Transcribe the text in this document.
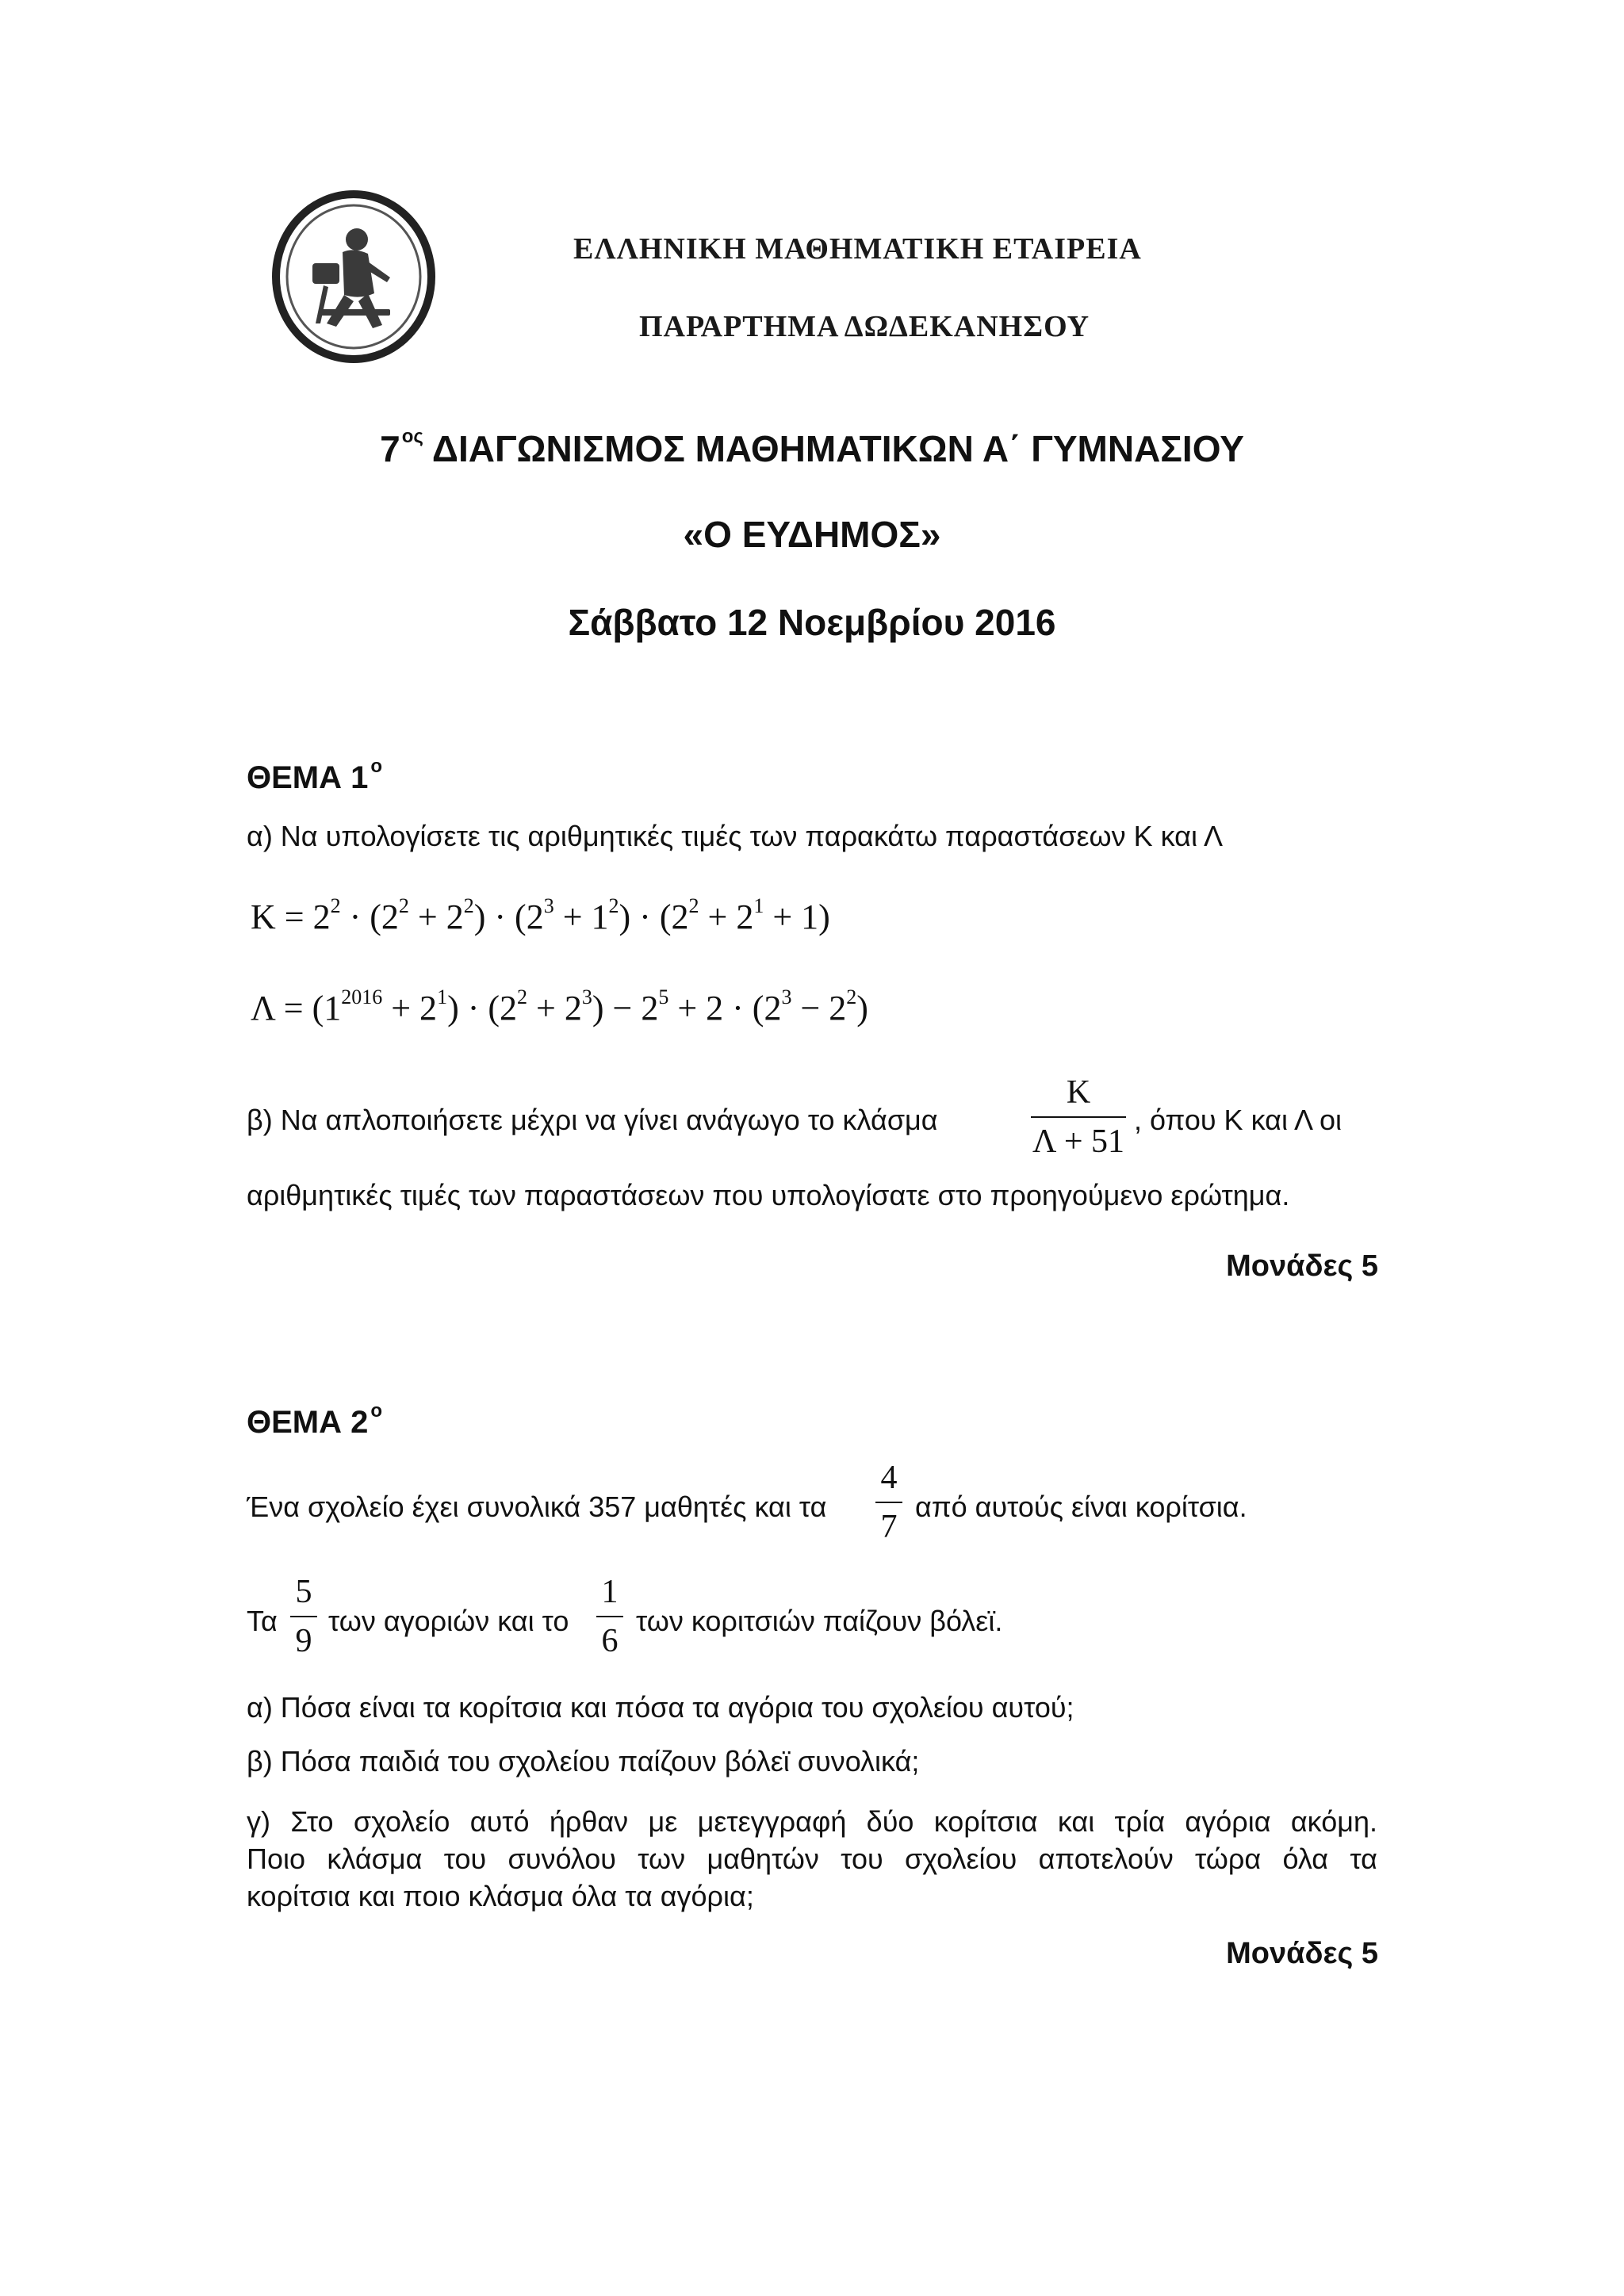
ΕΛΛΗΝΙΚΗ ΜΑΘΗΜΑΤΙΚΗ ΕΤΑΙΡΕΙΑ
ΠΑΡΑΡΤΗΜΑ ΔΩΔΕΚΑΝΗΣΟΥ
$7^{o\varsigma}$ ΔΙΑΓΩΝΙΣΜΟΣ ΜΑΘΗΜΑΤΙΚΩΝ Α΄ ΓΥΜΝΑΣΙΟΥ
«Ο ΕΥΔΗΜΟΣ»
Σάββατο 12 Νοεμβρίου 2016
ΘΕΜΑ 1 $^o$
α) Να υπολογίσετε τις αριθμητικές τιμές των παρακάτω παραστάσεων Κ και Λ
$K = 2^2 \cdot (2^2 + 2^2) \cdot (2^3 + 1^2) \cdot (2^2 + 2^1 + 1)$
$\Lambda = (1^{2016} + 2^1) \cdot (2^2 + 2^3) - 2^5 + 2 \cdot (2^3 - 2^2)$
β) Να απλοποιήσετε μέχρι να γίνει ανάγωγο το κλάσμα
Κ
Λ + 51
, όπου Κ και Λ οι
αριθμητικές τιμές των παραστάσεων που υπολογίσατε στο προηγούμενο ερώτημα.
Μονάδες 5
ΘΕΜΑ 2 $^o$
Ένα σχολείο έχει συνολικά 357 μαθητές και τα
4
7
από αυτούς είναι κορίτσια.
Τα
5
9
των αγοριών και το
1
6
των κοριτσιών παίζουν βόλεϊ.
α) Πόσα είναι τα κορίτσια και πόσα τα αγόρια του σχολείου αυτού;
β) Πόσα παιδιά του σχολείου παίζουν βόλεϊ συνολικά;
γ) Στο σχολείο αυτό ήρθαν με μετεγγραφή δύο κορίτσια και τρία αγόρια ακόμη.
Ποιο κλάσμα του συνόλου των μαθητών του σχολείου αποτελούν τώρα όλα τα
κορίτσια και ποιο κλάσμα όλα τα αγόρια;
Μονάδες 5
